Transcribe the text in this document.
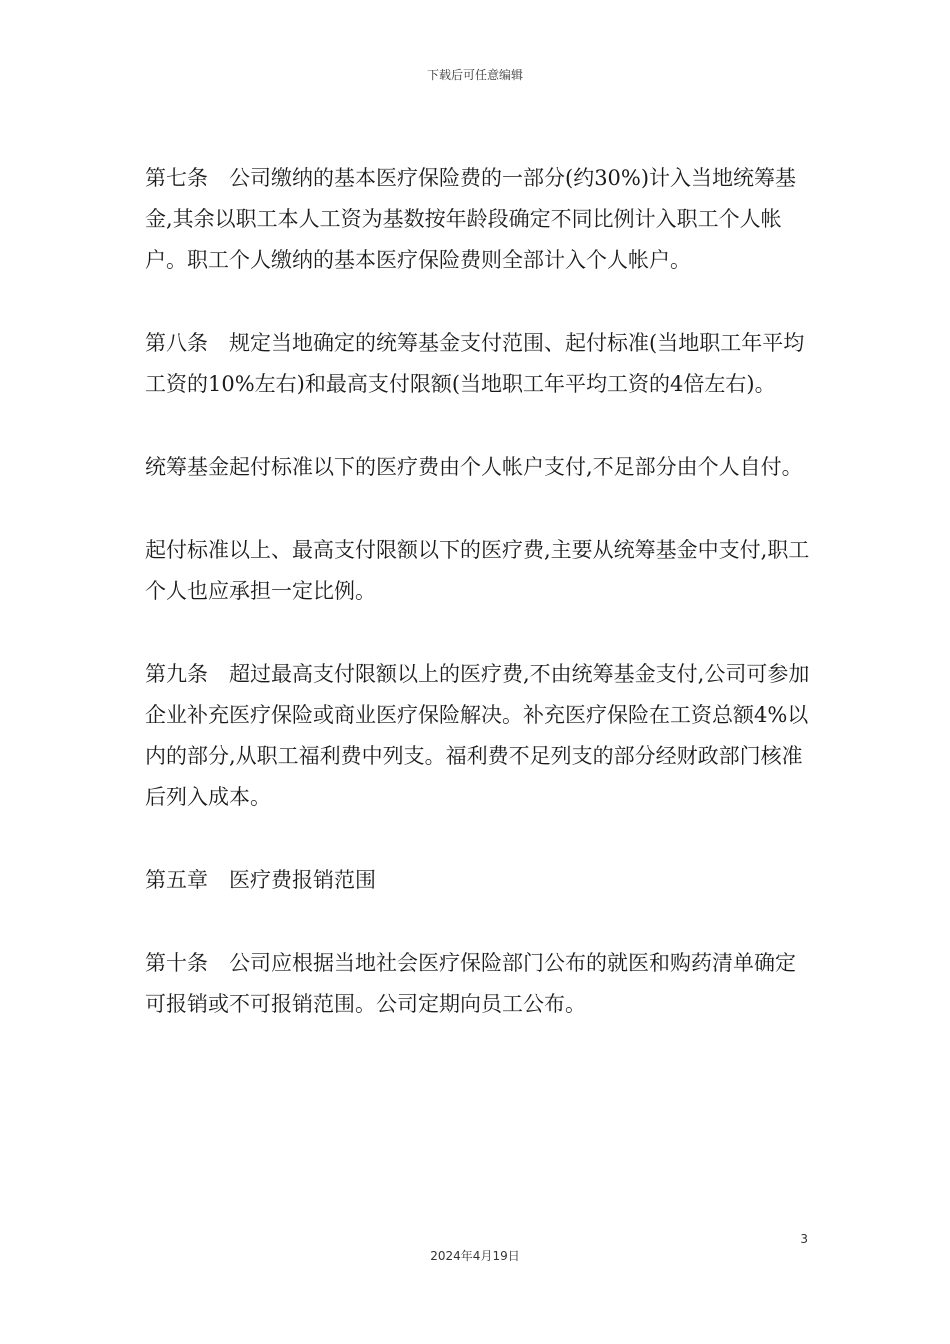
下载后可任意编辑

第七条　公司缴纳的基本医疗保险费的一部分(约30%)计入当地统筹基金,其余以职工本人工资为基数按年龄段确定不同比例计入职工个人帐户。职工个人缴纳的基本医疗保险费则全部计入个人帐户。

第八条　规定当地确定的统筹基金支付范围、起付标准(当地职工年平均工资的10%左右)和最高支付限额(当地职工年平均工资的4倍左右)。

统筹基金起付标准以下的医疗费由个人帐户支付,不足部分由个人自付。

起付标准以上、最高支付限额以下的医疗费,主要从统筹基金中支付,职工个人也应承担一定比例。

第九条　超过最高支付限额以上的医疗费,不由统筹基金支付,公司可参加企业补充医疗保险或商业医疗保险解决。补充医疗保险在工资总额4%以内的部分,从职工福利费中列支。福利费不足列支的部分经财政部门核准后列入成本。

第五章　医疗费报销范围

第十条　公司应根据当地社会医疗保险部门公布的就医和购药清单确定可报销或不可报销范围。公司定期向员工公布。

3
2024年4月19日
